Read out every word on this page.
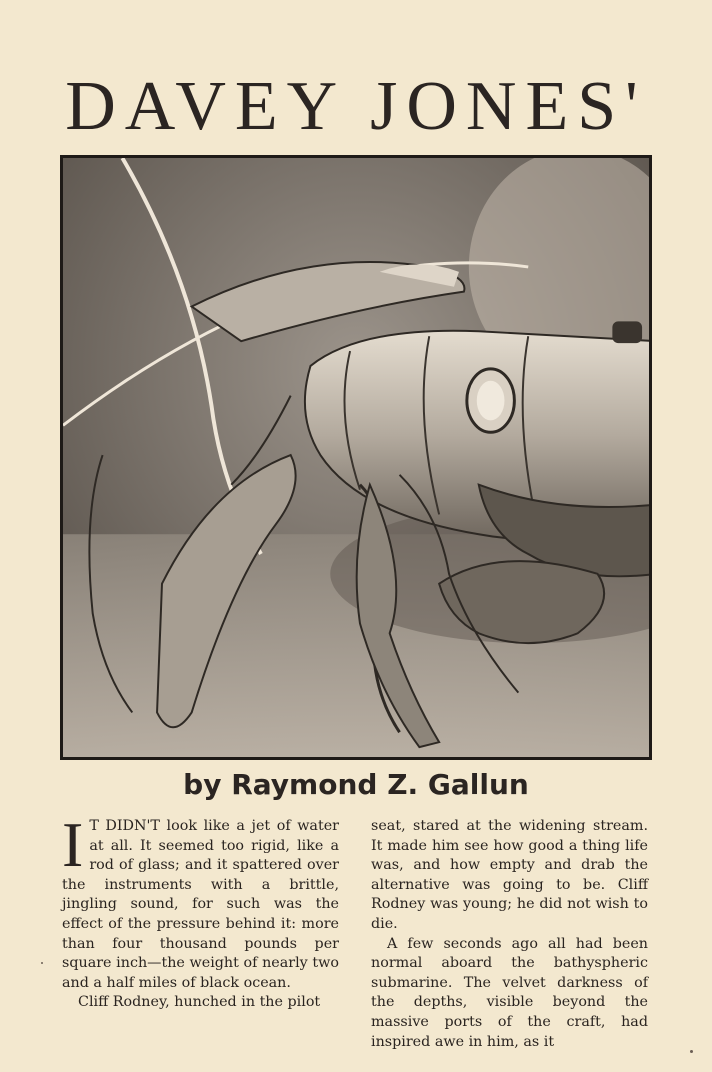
DAVEY JONES'
by Raymond Z. Gallun

I T DIDN'T look like a jet of water at all. It seemed too rigid, like a rod of glass; and it spattered over the instruments with a brittle, jingling sound, for such was the effect of the pressure behind it: more than four thousand pounds per square inch—the weight of nearly two and a half miles of black ocean.

Cliff Rodney, hunched in the pilot

seat, stared at the widening stream. It made him see how good a thing life was, and how empty and drab the alternative was going to be. Cliff Rodney was young; he did not wish to die.

A few seconds ago all had been normal aboard the bathyspheric submarine. The velvet darkness of the depths, visible beyond the massive ports of the craft, had inspired awe in him, as it
